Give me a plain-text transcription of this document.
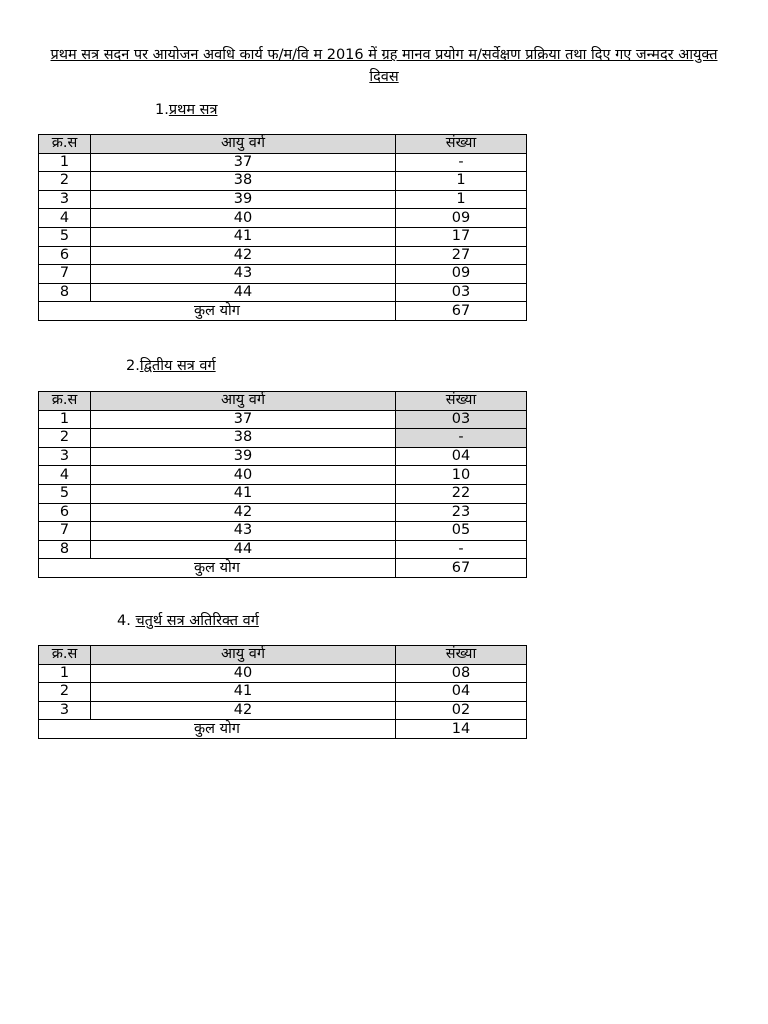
प्रथम सत्र सदन पर आयोजन अवधि कार्य फ/म/वि म 2016 में ग्रह मानव प्रयोग म/सर्वेक्षण प्रक्रिया तथा दिए गए जन्मदर आयुक्त दिवस
1.प्रथम सत्र
क्र.स	आयु वर्ग	संख्या
1	37	-
2	38	1
3	39	1
4	40	09
5	41	17
6	42	27
7	43	09
8	44	03
कुल योग		67
2.द्वितीय सत्र वर्ग
क्र.स	आयु वर्ग	संख्या
1	37	03
2	38	-
3	39	04
4	40	10
5	41	22
6	42	23
7	43	05
8	44	-
कुल योग		67
4. चतुर्थ सत्र अतिरिक्त वर्ग
क्र.स	आयु वर्ग	संख्या
1	40	08
2	41	04
3	42	02
कुल योग		14
